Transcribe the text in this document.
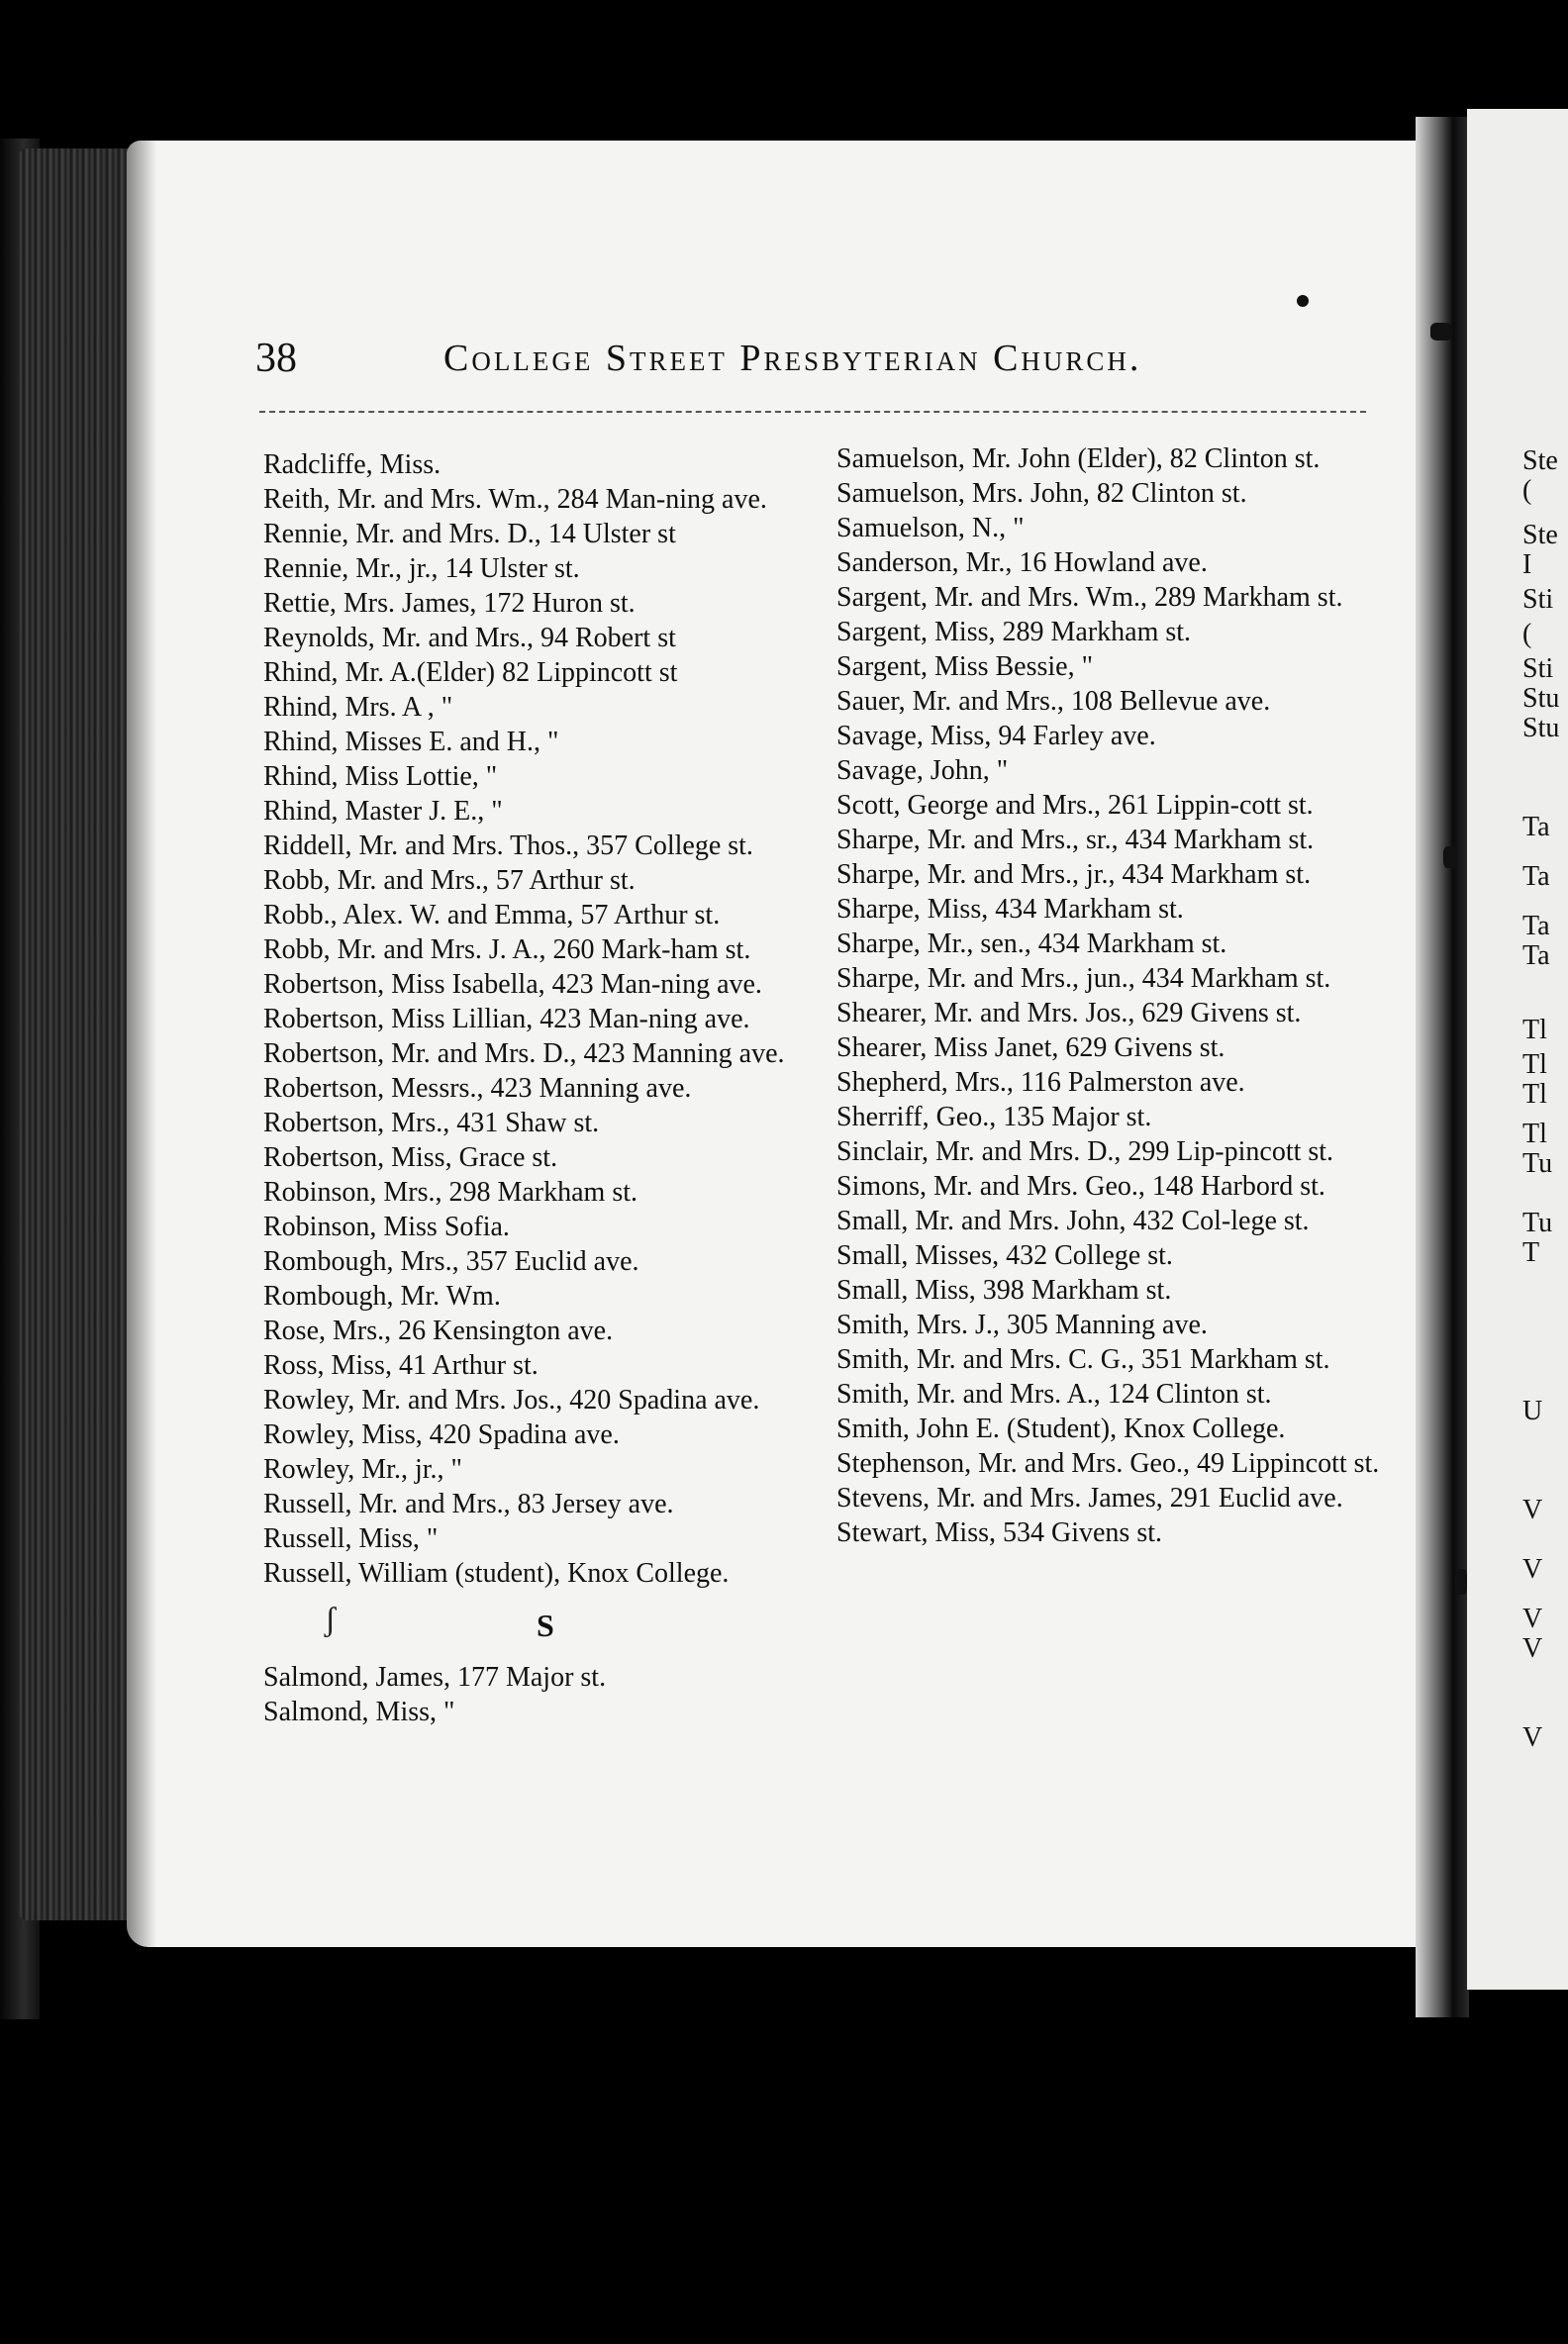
38	College Street Presbyterian Church.
Radcliffe, Miss.
Reith, Mr. and Mrs. Wm., 284 Man-ning ave.
Rennie, Mr. and Mrs. D., 14 Ulster st
Rennie, Mr., jr., 14 Ulster st.
Rettie, Mrs. James, 172 Huron st.
Reynolds, Mr. and Mrs., 94 Robert st
Rhind, Mr. A.(Elder) 82 Lippincott st
Rhind, Mrs. A , "
Rhind, Misses E. and H., "
Rhind, Miss Lottie, "
Rhind, Master J. E., "
Riddell, Mr. and Mrs. Thos., 357 College st.
Robb, Mr. and Mrs., 57 Arthur st.
Robb., Alex. W. and Emma, 57 Arthur st.
Robb, Mr. and Mrs. J. A., 260 Mark-ham st.
Robertson, Miss Isabella, 423 Man-ning ave.
Robertson, Miss Lillian, 423 Man-ning ave.
Robertson, Mr. and Mrs. D., 423 Manning ave.
Robertson, Messrs., 423 Manning ave.
Robertson, Mrs., 431 Shaw st.
Robertson, Miss, Grace st.
Robinson, Mrs., 298 Markham st.
Robinson, Miss Sofia.
Rombough, Mrs., 357 Euclid ave.
Rombough, Mr. Wm.
Rose, Mrs., 26 Kensington ave.
Ross, Miss, 41 Arthur st.
Rowley, Mr. and Mrs. Jos., 420 Spadina ave.
Rowley, Miss, 420 Spadina ave.
Rowley, Mr., jr., "
Russell, Mr. and Mrs., 83 Jersey ave.
Russell, Miss, "
Russell, William (student), Knox College.
ʃ	S
Salmond, James, 177 Major st.
Salmond, Miss, "
Samuelson, Mr. John (Elder), 82 Clinton st.
Samuelson, Mrs. John, 82 Clinton st.
Samuelson, N., "
Sanderson, Mr., 16 Howland ave.
Sargent, Mr. and Mrs. Wm., 289 Markham st.
Sargent, Miss, 289 Markham st.
Sargent, Miss Bessie, "
Sauer, Mr. and Mrs., 108 Bellevue ave.
Savage, Miss, 94 Farley ave.
Savage, John, "
Scott, George and Mrs., 261 Lippin-cott st.
Sharpe, Mr. and Mrs., sr., 434 Markham st.
Sharpe, Mr. and Mrs., jr., 434 Markham st.
Sharpe, Miss, 434 Markham st.
Sharpe, Mr., sen., 434 Markham st.
Sharpe, Mr. and Mrs., jun., 434 Markham st.
Shearer, Mr. and Mrs. Jos., 629 Givens st.
Shearer, Miss Janet, 629 Givens st.
Shepherd, Mrs., 116 Palmerston ave.
Sherriff, Geo., 135 Major st.
Sinclair, Mr. and Mrs. D., 299 Lip-pincott st.
Simons, Mr. and Mrs. Geo., 148 Harbord st.
Small, Mr. and Mrs. John, 432 Col-lege st.
Small, Misses, 432 College st.
Small, Miss, 398 Markham st.
Smith, Mrs. J., 305 Manning ave.
Smith, Mr. and Mrs. C. G., 351 Markham st.
Smith, Mr. and Mrs. A., 124 Clinton st.
Smith, John E. (Student), Knox College.
Stephenson, Mr. and Mrs. Geo., 49 Lippincott st.
Stevens, Mr. and Mrs. James, 291 Euclid ave.
Stewart, Miss, 534 Givens st.
Ste
(
Ste
I
Sti
(
Sti
Stu
Stu
Ta
Ta
Ta
Ta
Tl
Tl
Tl
Tl
Tu
Tu
T
U
V
V
V
V
V
